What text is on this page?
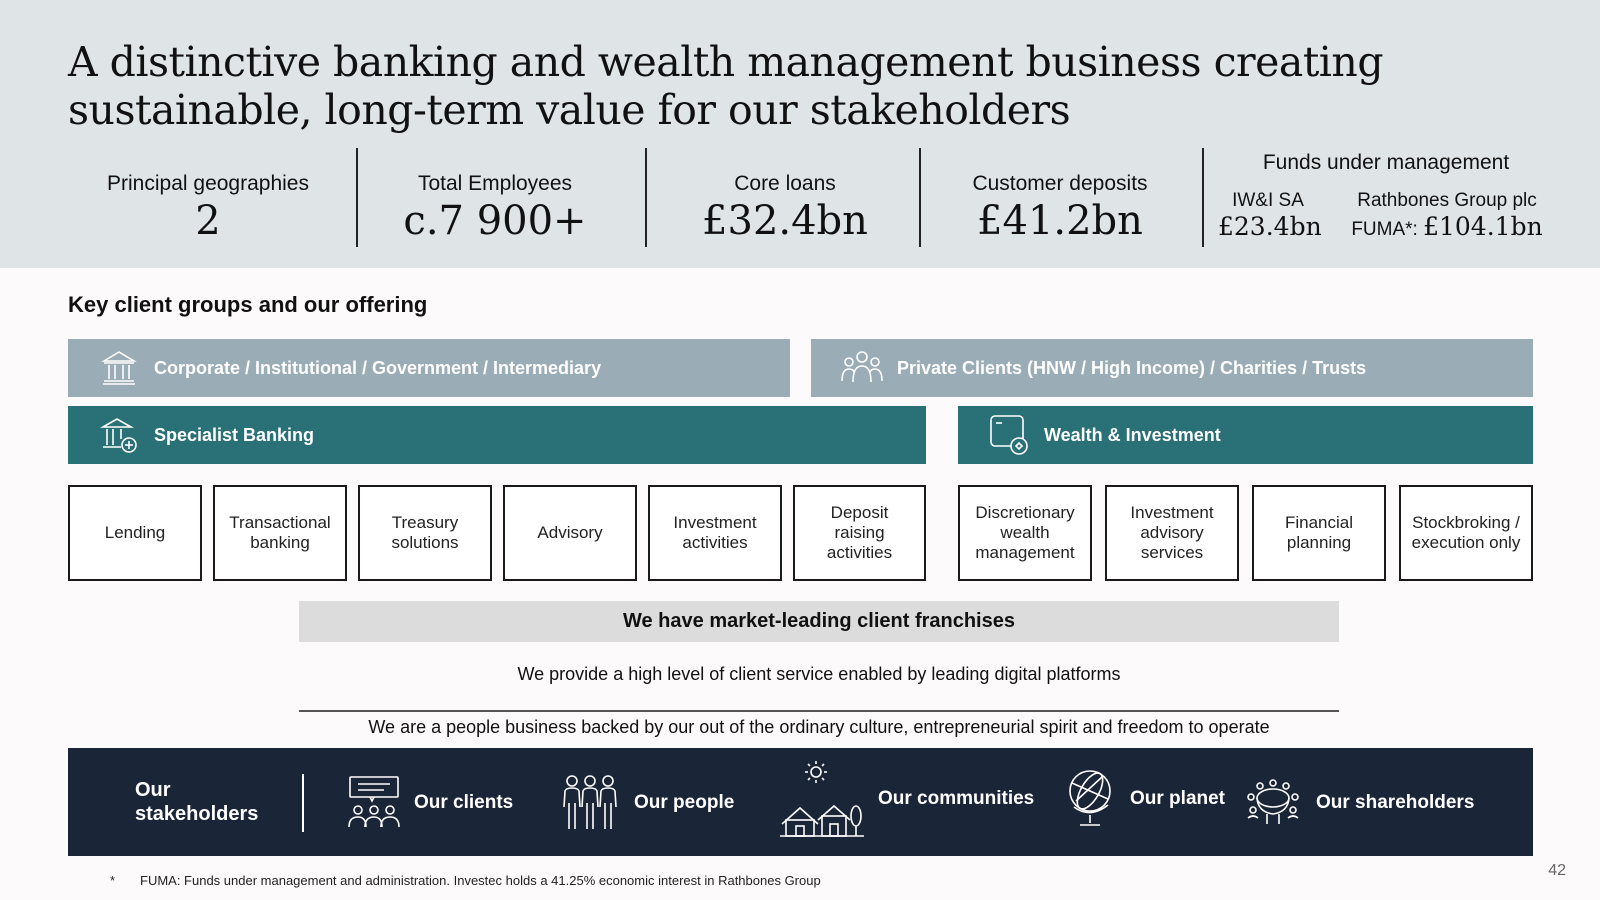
A distinctive banking and wealth management business creating sustainable, long-term value for our stakeholders
Principal geographies
2
Total Employees
c.7 900+
Core loans
£32.4bn
Customer deposits
£41.2bn
Funds under management
IW&I SA
£23.4bn
Rathbones Group plc
FUMA*: £104.1bn
Key client groups and our offering
Corporate / Institutional / Government / Intermediary	Private Clients (HNW / High Income) / Charities / Trusts
Specialist Banking	Wealth & Investment
Lending
Transactional banking
Treasury solutions
Advisory
Investment activities
Deposit raising activities
Discretionary wealth management
Investment advisory services
Financial planning
Stockbroking / execution only
We have market-leading client franchises
We provide a high level of client service enabled by leading digital platforms
We are a people business backed by our out of the ordinary culture, entrepreneurial spirit and freedom to operate
Our stakeholders
Our clients	Our people	Our communities	Our planet	Our shareholders
* FUMA: Funds under management and administration. Investec holds a 41.25% economic interest in Rathbones Group
42
